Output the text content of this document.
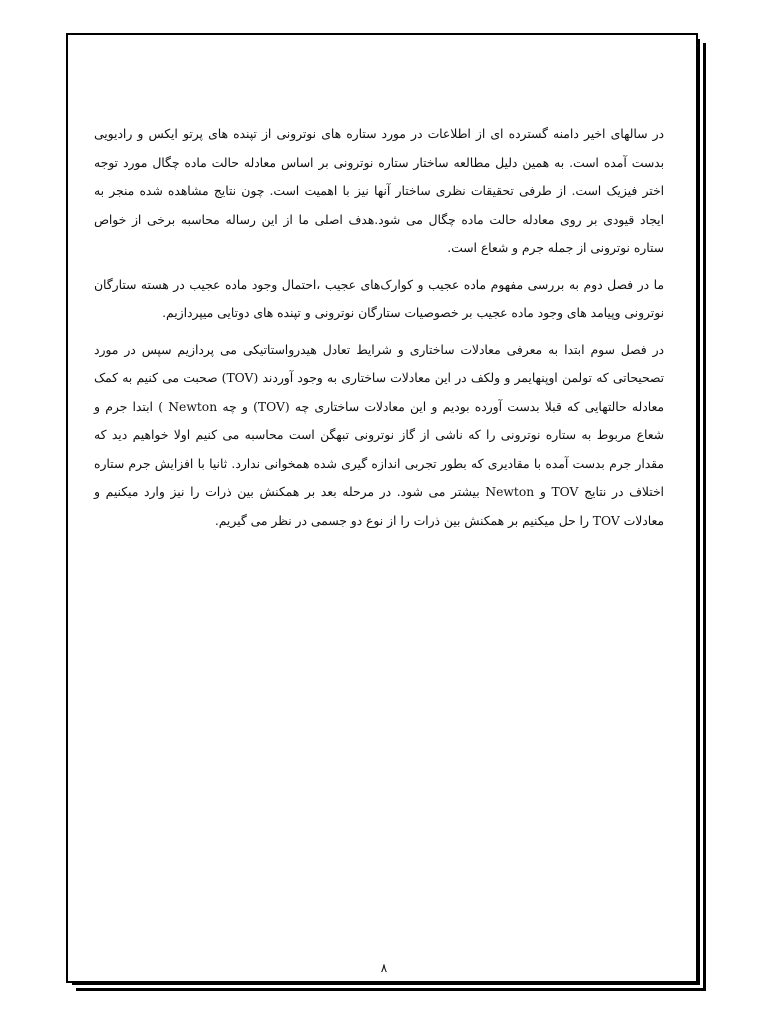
در سالهای اخیر دامنه گسترده ای از اطلاعات در مورد ستاره های نوترونی از تپنده های پرتو ایکس و رادیویی بدست آمده است. به همین دلیل مطالعه ساختار ستاره نوترونی بر اساس معادله حالت ماده چگال مورد توجه اختر فیزیک است. از طرفی تحقیقات نظری ساختار آنها نیز با اهمیت است. چون نتایج مشاهده شده منجر به ایجاد قیودی بر روی معادله حالت ماده چگال می شود.هدف اصلی ما از این رساله محاسبه برخی از خواص ستاره نوترونی از جمله جرم و شعاع است.

ما در فصل دوم به بررسی مفهوم ماده عجیب و کوارک‌های عجیب ،احتمال وجود ماده عجیب در هسته ستارگان نوترونی وپیامد های وجود ماده عجیب بر خصوصیات ستارگان نوترونی و تپنده های دوتایی میپردازیم.

در فصل سوم ابتدا به معرفی معادلات ساختاری و شرایط تعادل هیدرواستاتیکی می پردازیم سپس در مورد تصحیحاتی که تولمن اوپنهایمر و ولکف در این معادلات ساختاری به وجود آوردند (TOV) صحبت می کنیم به کمک معادله حالتهایی که قبلا بدست آورده بودیم و این معادلات ساختاری چه (TOV) و چه Newton ) ابتدا جرم و شعاع مربوط به ستاره نوترونی را که ناشی از گاز نوترونی تبهگن است محاسبه می کنیم اولا خواهیم دید که مقدار جرم بدست آمده با مقادیری که بطور تجربی اندازه گیری شده همخوانی ندارد. ثانیا با افزایش جرم ستاره اختلاف در نتایج TOV و Newton بیشتر می شود. در مرحله بعد بر همکنش بین ذرات را نیز وارد میکنیم و معادلات TOV را حل میکنیم بر همکنش بین ذرات را از نوع دو جسمی در نظر می گیریم.

۸
